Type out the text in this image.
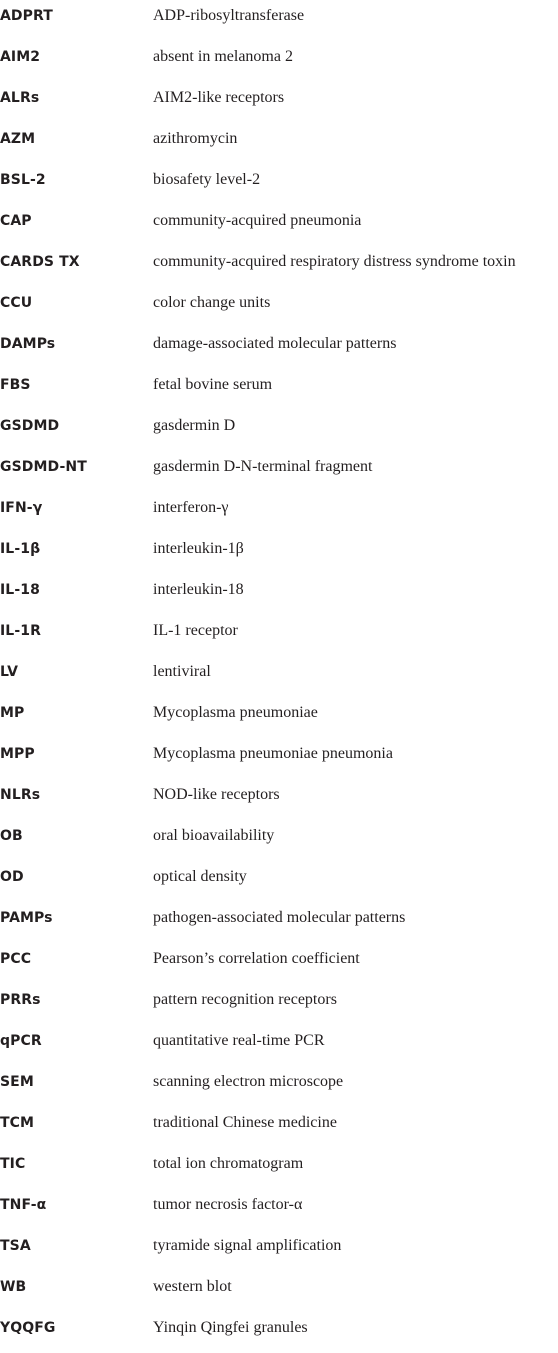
ADPRT	ADP-ribosyltransferase
AIM2	absent in melanoma 2
ALRs	AIM2-like receptors
AZM	azithromycin
BSL-2	biosafety level-2
CAP	community-acquired pneumonia
CARDS TX	community-acquired respiratory distress syndrome toxin
CCU	color change units
DAMPs	damage-associated molecular patterns
FBS	fetal bovine serum
GSDMD	gasdermin D
GSDMD-NT	gasdermin D-N-terminal fragment
IFN-γ	interferon-γ
IL-1β	interleukin-1β
IL-18	interleukin-18
IL-1R	IL-1 receptor
LV	lentiviral
MP	Mycoplasma pneumoniae
MPP	Mycoplasma pneumoniae pneumonia
NLRs	NOD-like receptors
OB	oral bioavailability
OD	optical density
PAMPs	pathogen-associated molecular patterns
PCC	Pearson’s correlation coefficient
PRRs	pattern recognition receptors
qPCR	quantitative real-time PCR
SEM	scanning electron microscope
TCM	traditional Chinese medicine
TIC	total ion chromatogram
TNF-α	tumor necrosis factor-α
TSA	tyramide signal amplification
WB	western blot
YQQFG	Yinqin Qingfei granules
